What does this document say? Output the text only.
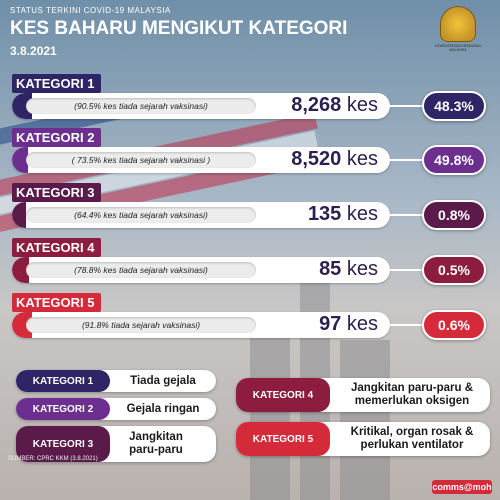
STATUS TERKINI COVID-19 MALAYSIA
KES BAHARU MENGIKUT KATEGORI
3.8.2021	KEMENTERIAN KESIHATAN MALAYSIA
KATEGORI 1
(90.5% kes tiada sejarah vaksinasi)	8,268 kes	48.3%
KATEGORI 2
( 73.5% kes tiada sejarah vaksinasi )	8,520 kes	49.8%
KATEGORI 3
(64.4% kes tiada sejarah vaksinasi)	135 kes	0.8%
KATEGORI 4
(78.8% kes tiada sejarah vaksinasi)	85 kes	0.5%
KATEGORI 5
(91.8% tiada sejarah vaksinasi)	97 kes	0.6%
KATEGORI 1	Tiada gejala
KATEGORI 2	Gejala ringan
KATEGORI 3
Jangkitan paru-paru
KATEGORI 4
Jangkitan paru-paru & memerlukan oksigen
KATEGORI 5
Kritikal, organ rosak & perlukan ventilator
SUMBER: CPRC KKM (3.8.2021)
comms@moh
